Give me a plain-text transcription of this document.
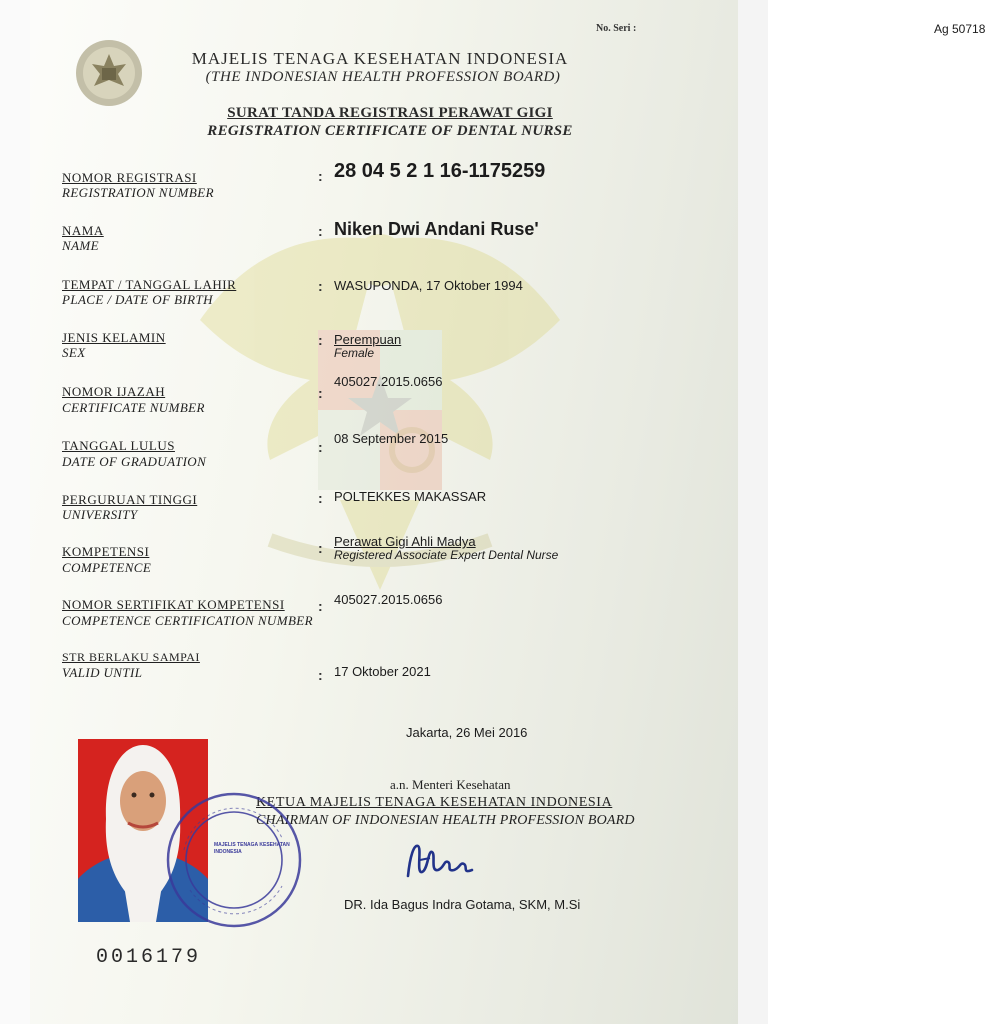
No. Seri :	Ag 50718
MAJELIS TENAGA KESEHATAN INDONESIA
(THE INDONESIAN HEALTH PROFESSION BOARD)
SURAT TANDA REGISTRASI PERAWAT GIGI
REGISTRATION CERTIFICATE OF DENTAL NURSE
NOMOR REGISTRASI
REGISTRATION NUMBER
: 28 04 5 2 1 16-1175259
NAMA
NAME
: Niken Dwi Andani Ruse'
TEMPAT / TANGGAL LAHIR
PLACE / DATE OF BIRTH
: WASUPONDA, 17 Oktober 1994
JENIS KELAMIN
SEX
: Perempuan
Female
NOMOR IJAZAH
CERTIFICATE NUMBER
:
405027.2015.0656
TANGGAL LULUS
DATE OF GRADUATION
:
08 September 2015
PERGURUAN TINGGI
UNIVERSITY
: POLTEKKES MAKASSAR
KOMPETENSI
COMPETENCE
: Perawat Gigi Ahli Madya
Registered Associate Expert Dental Nurse
NOMOR SERTIFIKAT KOMPETENSI
COMPETENCE CERTIFICATION NUMBER
: 405027.2015.0656
STR BERLAKU SAMPAI
VALID UNTIL	: 17 Oktober 2021
Jakarta, 26 Mei 2016
a.n. Menteri Kesehatan
KETUA MAJELIS TENAGA KESEHATAN INDONESIA
CHAIRMAN OF INDONESIAN HEALTH PROFESSION BOARD
DR. Ida Bagus Indra Gotama, SKM, M.Si
MAJELIS TENAGA KESEHATAN
INDONESIA
0016179
